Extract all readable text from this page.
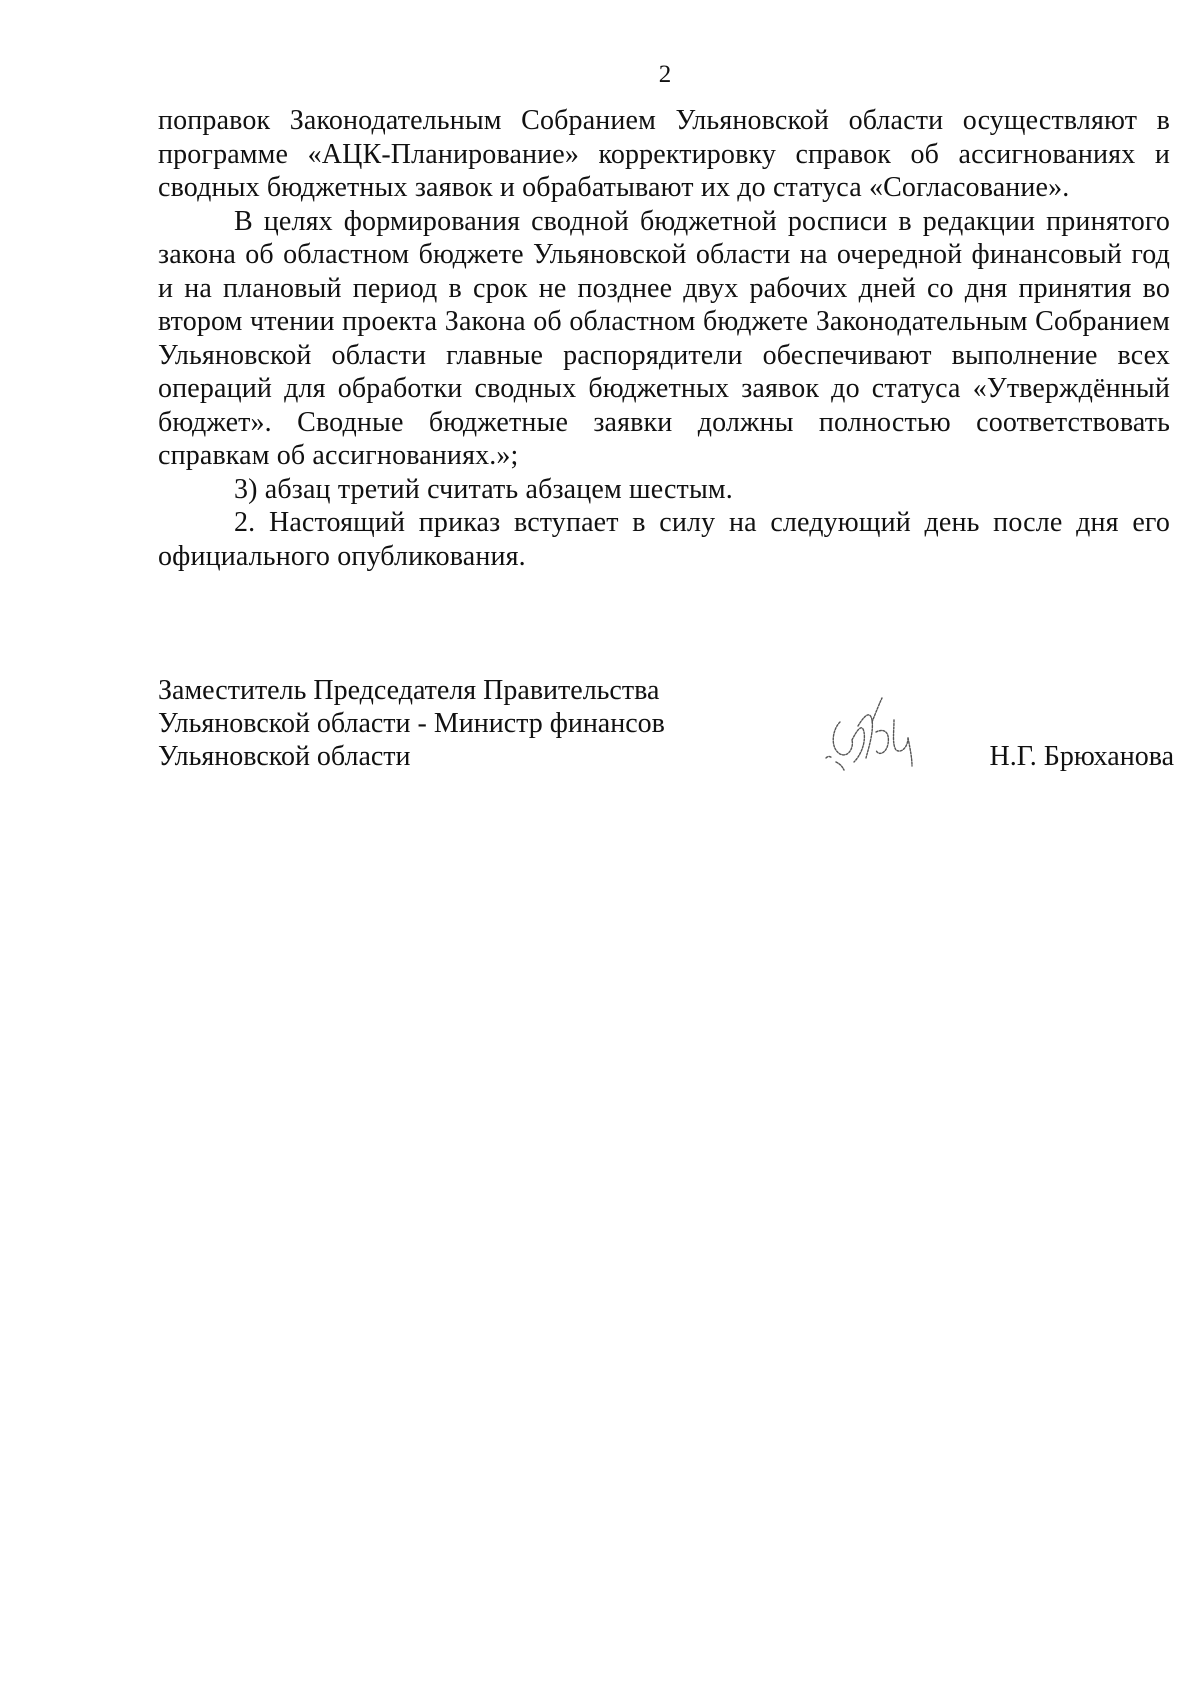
2

поправок Законодательным Собранием Ульяновской области осуществляют в программе «АЦК-Планирование» корректировку справок об ассигнованиях и сводных бюджетных заявок и обрабатывают их до статуса «Согласование».

В целях формирования сводной бюджетной росписи в редакции принятого закона об областном бюджете Ульяновской области на очередной финансовый год и на плановый период в срок не позднее двух рабочих дней со дня принятия во втором чтении проекта Закона об областном бюджете Законодательным Собранием Ульяновской области главные распорядители обеспечивают выполнение всех операций для обработки сводных бюджетных заявок до статуса «Утверждённый бюджет». Сводные бюджетные заявки должны полностью соответствовать справкам об ассигнованиях.»;

3) абзац третий считать абзацем шестым.

2. Настоящий приказ вступает в силу на следующий день после дня его официального опубликования.

Заместитель Председателя Правительства
Ульяновской области - Министр финансов
Ульяновской области	Н.Г. Брюханова
